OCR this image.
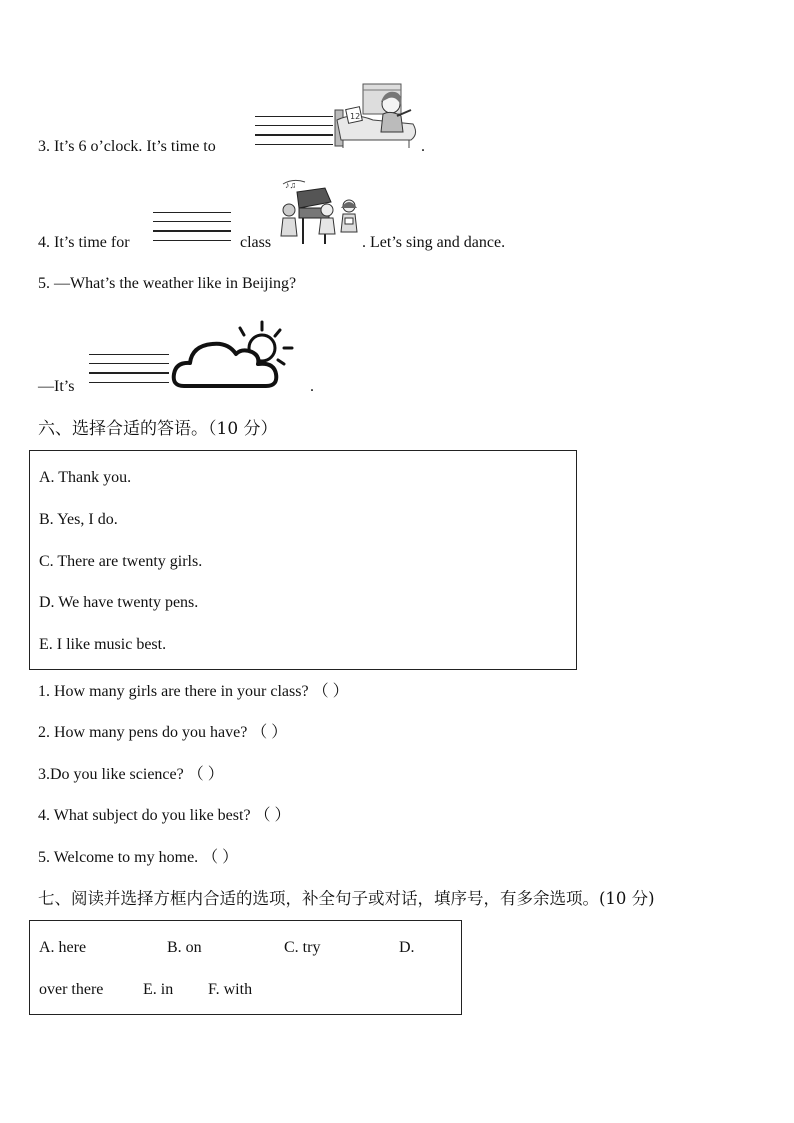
3. It’s 6 o’clock. It’s time to
12
.
4. It’s time for	class
♪♫
. Let’s sing and dance.
5. —What’s the weather like in Beijing?
—It’s	.
六、选择合适的答语。（10 分）
A. Thank you.
B. Yes, I do.
C. There are twenty girls.
D. We have twenty pens.
E. I like music best.
1. How many girls are there in your class? （ ）
2. How many pens do you have? （ ）
3.Do you like science? （ ）
4. What subject do you like best? （ ）
5. Welcome to my home. （ ）
七、阅读并选择方框内合适的选项，补全句子或对话，填序号，有多余选项。(10 分)
A. here	B. on	C. try	D.
over there E. in F. with
